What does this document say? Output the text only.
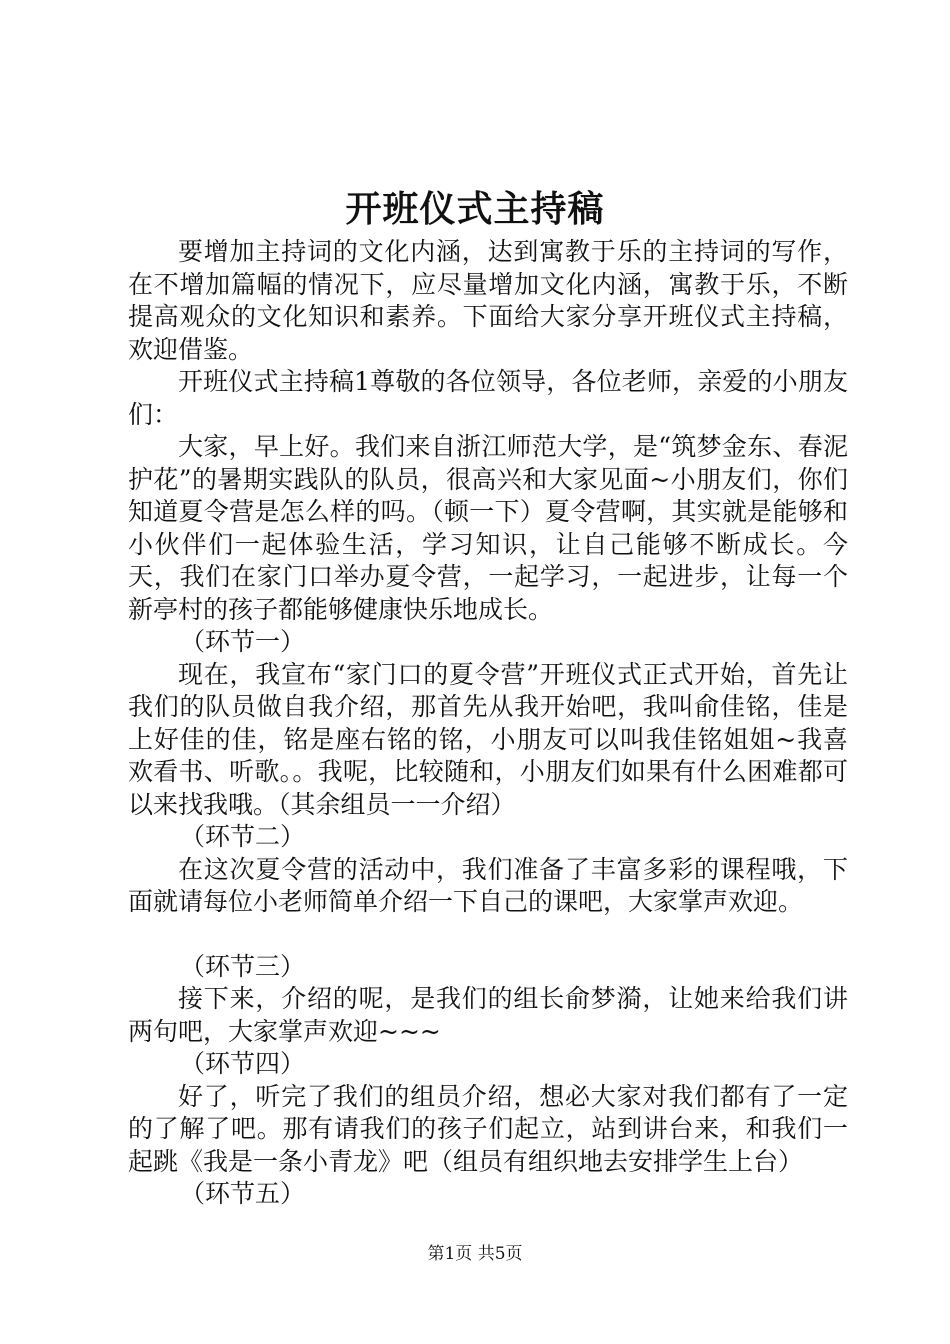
开班仪式主持稿

要增加主持词的文化内涵，达到寓教于乐的主持词的写作，在不增加篇幅的情况下，应尽量增加文化内涵，寓教于乐，不断提高观众的文化知识和素养。下面给大家分享开班仪式主持稿，欢迎借鉴。

开班仪式主持稿1尊敬的各位领导，各位老师，亲爱的小朋友们：

大家，早上好。我们来自浙江师范大学，是“筑梦金东、春泥护花”的暑期实践队的队员，很高兴和大家见面~小朋友们，你们知道夏令营是怎么样的吗。（顿一下）夏令营啊，其实就是能够和小伙伴们一起体验生活，学习知识，让自己能够不断成长。今天，我们在家门口举办夏令营，一起学习，一起进步，让每一个新亭村的孩子都能够健康快乐地成长。

（环节一）

现在，我宣布“家门口的夏令营”开班仪式正式开始，首先让我们的队员做自我介绍，那首先从我开始吧，我叫俞佳铭，佳是上好佳的佳，铭是座右铭的铭，小朋友可以叫我佳铭姐姐~我喜欢看书、听歌。。我呢，比较随和，小朋友们如果有什么困难都可以来找我哦。（其余组员一一介绍）

（环节二）

在这次夏令营的活动中，我们准备了丰富多彩的课程哦，下面就请每位小老师简单介绍一下自己的课吧，大家掌声欢迎。

（环节三）

接下来，介绍的呢，是我们的组长俞梦漪，让她来给我们讲两句吧，大家掌声欢迎~~~

（环节四）

好了，听完了我们的组员介绍，想必大家对我们都有了一定的了解了吧。那有请我们的孩子们起立，站到讲台来，和我们一起跳《我是一条小青龙》吧（组员有组织地去安排学生上台）

（环节五）

第1页 共5页
